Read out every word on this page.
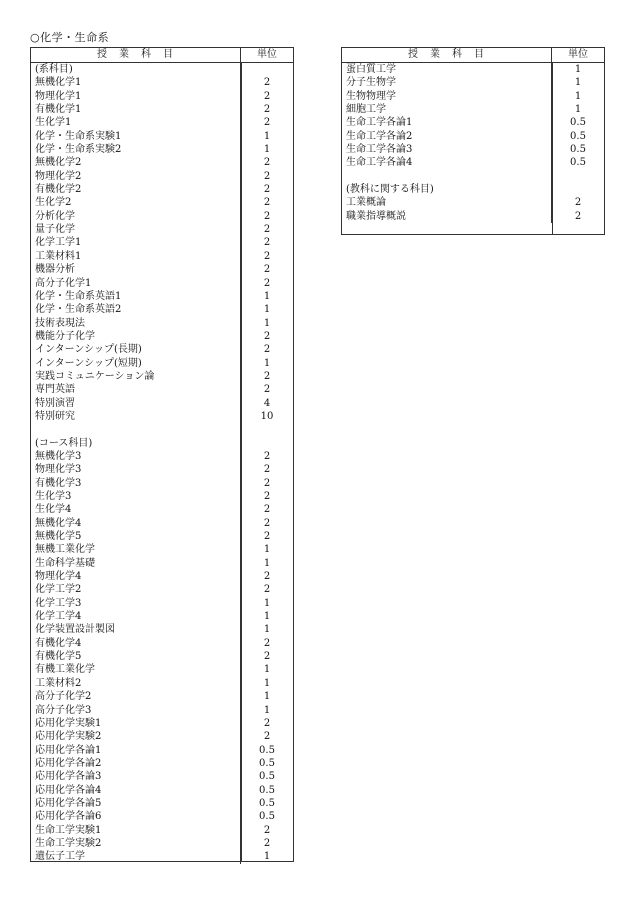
○化学・生命系
授　業　科　目	単位
(系科目)
無機化学1	2
物理化学1	2
有機化学1	2
生化学1	2
化学・生命系実験1	1
化学・生命系実験2	1
無機化学2	2
物理化学2	2
有機化学2	2
生化学2	2
分析化学	2
量子化学	2
化学工学1	2
工業材料1	2
機器分析	2
高分子化学1	2
化学・生命系英語1	1
化学・生命系英語2	1
技術表現法	1
機能分子化学	2
インターンシップ(長期)	2
インターンシップ(短期)	1
実践コミュニケーション論	2
専門英語	2
特別演習	4
特別研究	10
(コース科目)
無機化学3	2
物理化学3	2
有機化学3	2
生化学3	2
生化学4	2
無機化学4	2
無機化学5	2
無機工業化学	1
生命科学基礎	1
物理化学4	2
化学工学2	2
化学工学3	1
化学工学4	1
化学装置設計製図	1
有機化学4	2
有機化学5	2
有機工業化学	1
工業材料2	1
高分子化学2	1
高分子化学3	1
応用化学実験1	2
応用化学実験2	2
応用化学各論1	0.5
応用化学各論2	0.5
応用化学各論3	0.5
応用化学各論4	0.5
応用化学各論5	0.5
応用化学各論6	0.5
生命工学実験1	2
生命工学実験2	2
遺伝子工学	1
授　業　科　目	単位
蛋白質工学	1
分子生物学	1
生物物理学	1
細胞工学	1
生命工学各論1	0.5
生命工学各論2	0.5
生命工学各論3	0.5
生命工学各論4	0.5
(教科に関する科目)
工業概論	2
職業指導概説	2
